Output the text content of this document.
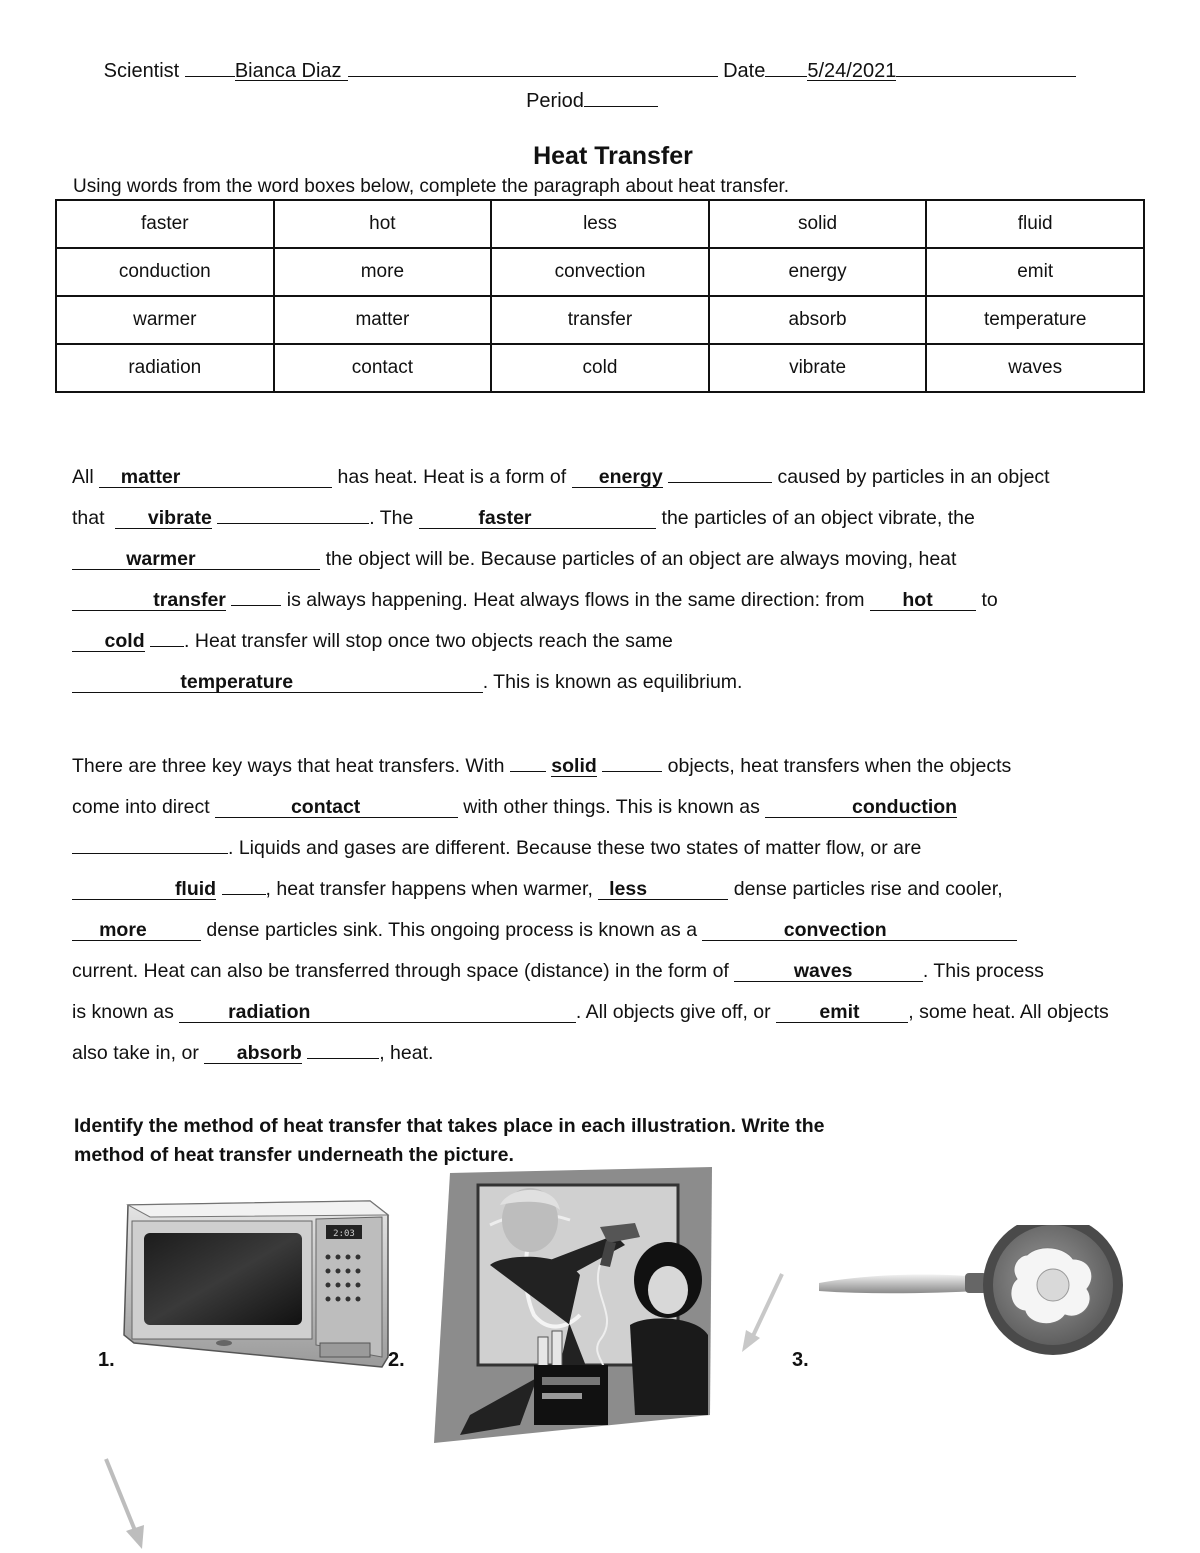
Scientist	Bianca Diaz	Date 5/24/2021
Period
Heat Transfer
Using words from the word boxes below, complete the paragraph about heat transfer.
faster	hot	less	solid	fluid
conduction	more	convection	energy	emit
warmer	matter	transfer	absorb	temperature
radiation	contact	cold	vibrate	waves
All matter	has heat. Heat is a form of energy	caused by particles in an object
that vibrate	. The	faster	the particles of an object vibrate, the
warmer	the object will be. Because particles of an object are always moving, heat
transfer	is always happening. Heat always flows in the same direction: from hot	to
cold . Heat transfer will stop once two objects reach the same
temperature	. This is known as equilibrium.
There are three key ways that heat transfers. With solid	objects, heat transfers when the objects
come into direct	contact	with other things. This is known as	conduction
. Liquids and gases are different. Because these two states of matter flow, or are
fluid	, heat transfer happens when warmer, less	dense particles rise and cooler,
more	dense particles sink. This ongoing process is known as a	convection
current. Heat can also be transferred through space (distance) in the form of	waves	. This process
is known as	radiation	. All objects give off, or	emit	, some heat. All objects
also take in, or absorb	, heat.
Identify the method of heat transfer that takes place in each illustration. Write the
method of heat transfer underneath the picture.
2:03
1.	2.	3.
